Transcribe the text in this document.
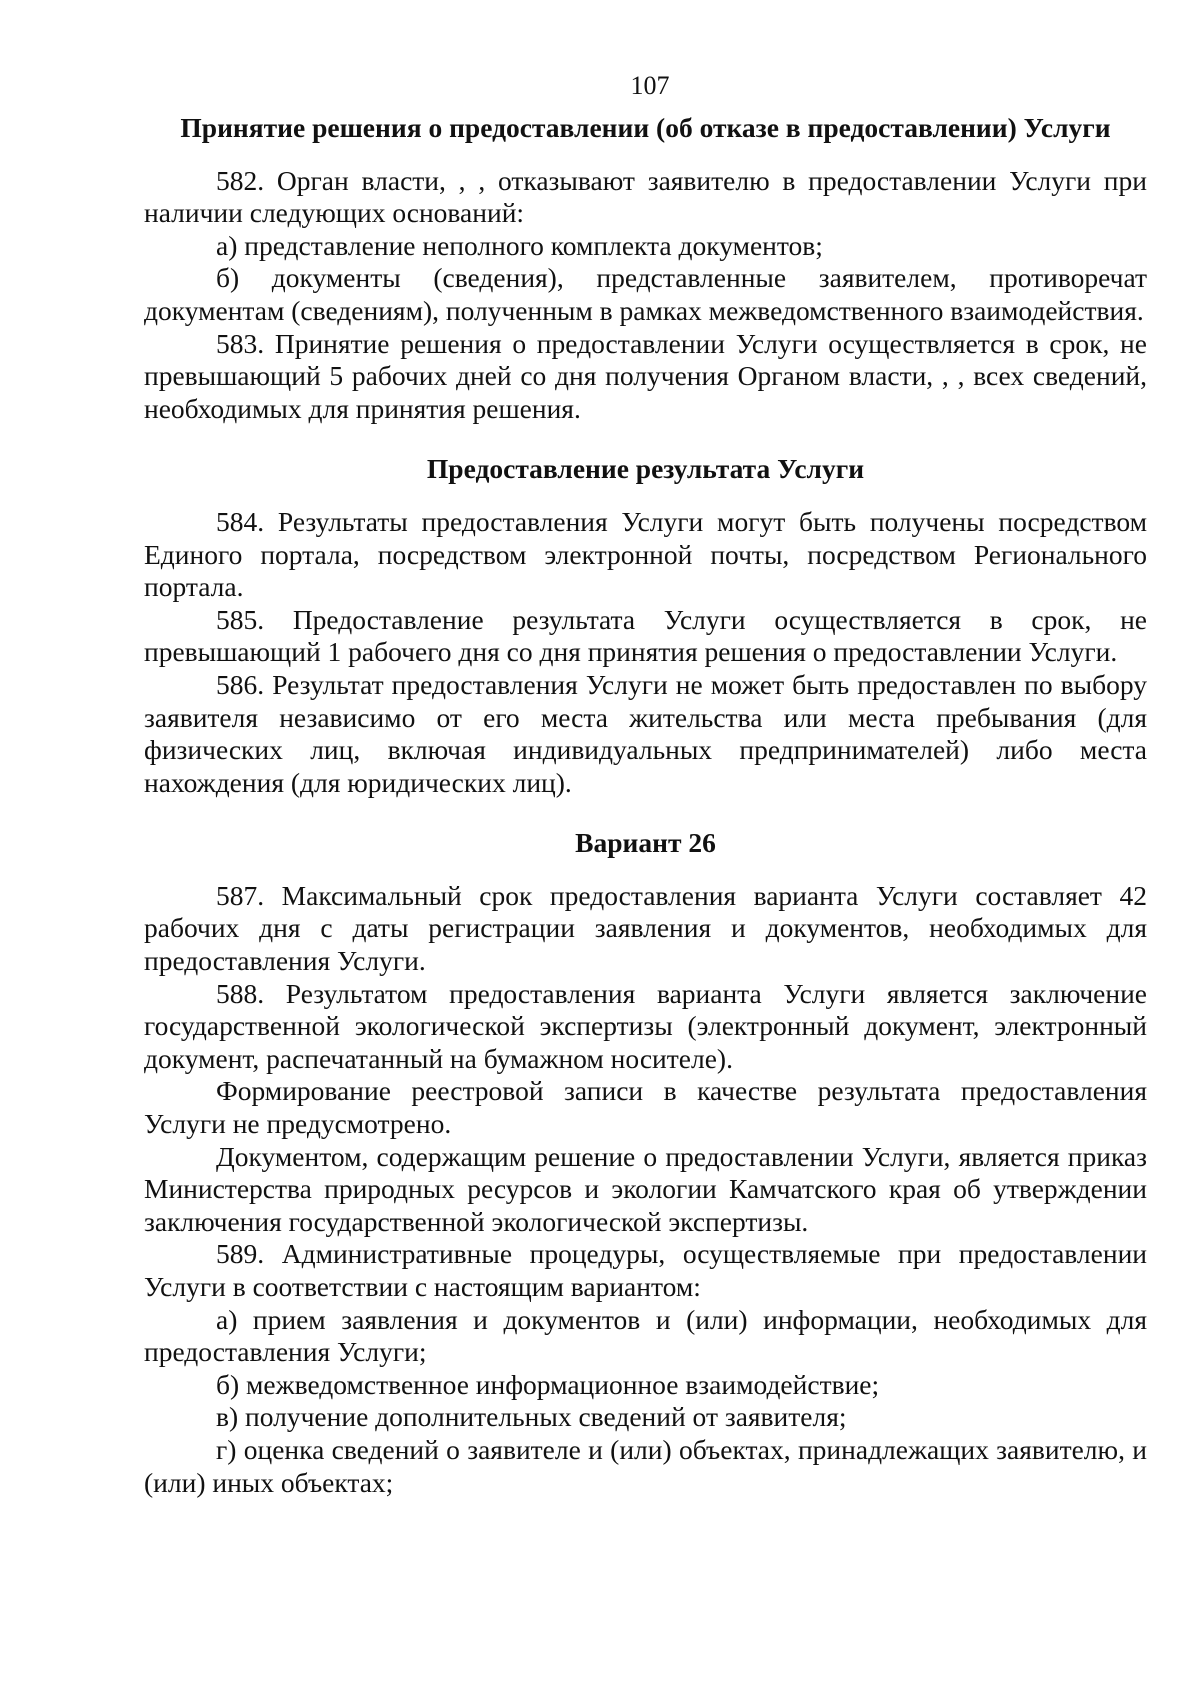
107
Принятие решения о предоставлении (об отказе в предоставлении) Услуги

582. Орган власти, , , отказывают заявителю в предоставлении Услуги при наличии следующих оснований:

а) представление неполного комплекта документов;

б) документы (сведения), представленные заявителем, противоречат документам (сведениям), полученным в рамках межведомственного взаимодействия.

583. Принятие решения о предоставлении Услуги осуществляется в срок, не превышающий 5 рабочих дней со дня получения Органом власти, , , всех сведений, необходимых для принятия решения.

Предоставление результата Услуги

584. Результаты предоставления Услуги могут быть получены посредством Единого портала, посредством электронной почты, посредством Регионального портала.

585. Предоставление результата Услуги осуществляется в срок, не превышающий 1 рабочего дня со дня принятия решения о предоставлении Услуги.

586. Результат предоставления Услуги не может быть предоставлен по выбору заявителя независимо от его места жительства или места пребывания (для физических лиц, включая индивидуальных предпринимателей) либо места нахождения (для юридических лиц).

Вариант 26

587. Максимальный срок предоставления варианта Услуги составляет 42 рабочих дня с даты регистрации заявления и документов, необходимых для предоставления Услуги.

588. Результатом предоставления варианта Услуги является заключение государственной экологической экспертизы (электронный документ, электронный документ, распечатанный на бумажном носителе).

Формирование реестровой записи в качестве результата предоставления Услуги не предусмотрено.

Документом, содержащим решение о предоставлении Услуги, является приказ Министерства природных ресурсов и экологии Камчатского края об утверждении заключения государственной экологической экспертизы.

589. Административные процедуры, осуществляемые при предоставлении Услуги в соответствии с настоящим вариантом:

а) прием заявления и документов и (или) информации, необходимых для предоставления Услуги;

б) межведомственное информационное взаимодействие;

в) получение дополнительных сведений от заявителя;

г) оценка сведений о заявителе и (или) объектах, принадлежащих заявителю, и (или) иных объектах;
